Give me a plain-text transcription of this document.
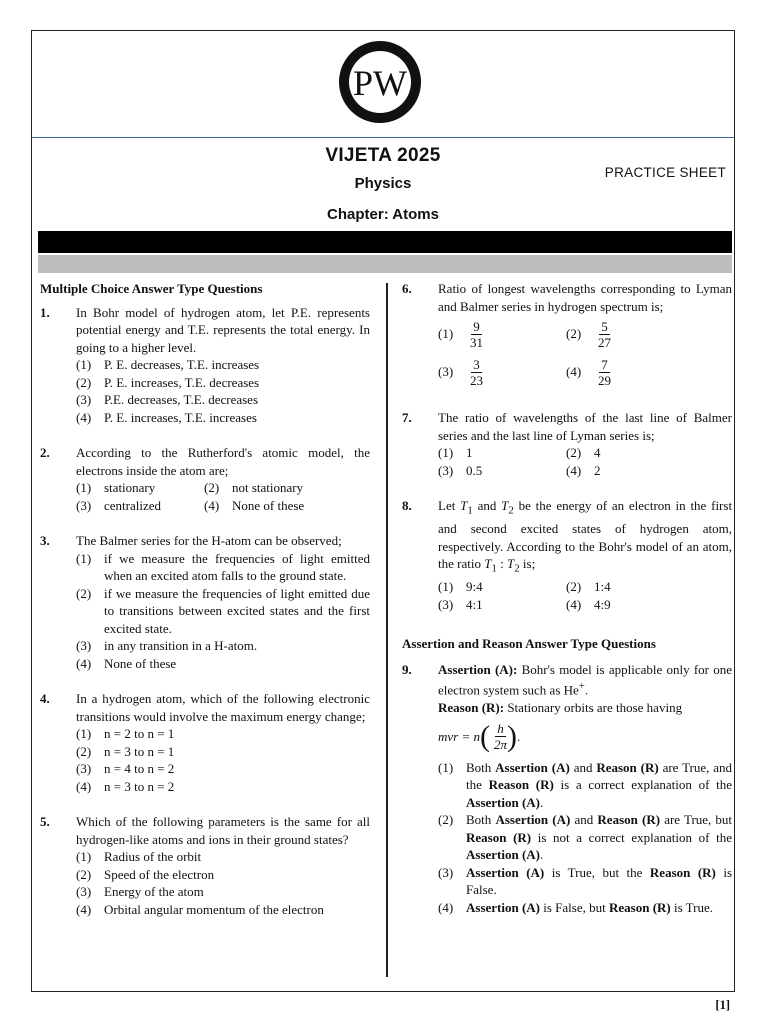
PW
VIJETA 2025
Physics
Chapter: Atoms
PRACTICE SHEET
Multiple Choice Answer Type Questions
1.	In Bohr model of hydrogen atom, let P.E. represents potential energy and T.E. represents the total energy. In going to a higher level.
(1) P. E. decreases, T.E. increases
(2) P. E. increases, T.E. decreases
(3) P.E. decreases, T.E. decreases
(4) P. E. increases, T.E. increases
2.	According to the Rutherford's atomic model, the electrons inside the atom are;
(1) stationary	(2) not stationary
(3) centralized	(4) None of these
3.	The Balmer series for the H-atom can be observed;
(1) if we measure the frequencies of light emitted when an excited atom falls to the ground state.
(2) if we measure the frequencies of light emitted due to transitions between excited states and the first excited state.
(3) in any transition in a H-atom.
(4) None of these
4.	In a hydrogen atom, which of the following electronic transitions would involve the maximum energy change;
(1) n = 2 to n = 1
(2) n = 3 to n = 1
(3) n = 4 to n = 2
(4) n = 3 to n = 2
5.	Which of the following parameters is the same for all hydrogen-like atoms and ions in their ground states?
(1) Radius of the orbit
(2) Speed of the electron
(3) Energy of the atom
(4) Orbital angular momentum of the electron
6.	Ratio of longest wavelengths corresponding to Lyman and Balmer series in hydrogen spectrum is;
(1)	$\frac{9}{31}$	(2)	$\frac{5}{27}$
(3)	$\frac{3}{23}$	(4)	$\frac{7}{29}$
7.	The ratio of wavelengths of the last line of Balmer series and the last line of Lyman series is;
(1) 1	(2) 4
(3) 0.5	(4) 2
8.	Let $T_1$ and $T_2$ be the energy of an electron in the first and second excited states of hydrogen atom, respectively. According to the Bohr's model of an atom, the ratio $T_1$ : $T_2$ is;
(1) 9:4	(2) 1:4
(3) 4:1	(4) 4:9
Assertion and Reason Answer Type Questions
9.	Assertion (A): Bohr's model is applicable only for one electron system such as He+.
Reason (R): Stationary orbits are those having
mvr = n ( $\frac{h}{2\pi}$ ) .
(1) Both Assertion (A) and Reason (R) are True, and the Reason (R) is a correct explanation of the Assertion (A).
(2) Both Assertion (A) and Reason (R) are True, but Reason (R) is not a correct explanation of the Assertion (A).
(3) Assertion (A) is True, but the Reason (R) is False.
(4) Assertion (A) is False, but Reason (R) is True.
[1]
